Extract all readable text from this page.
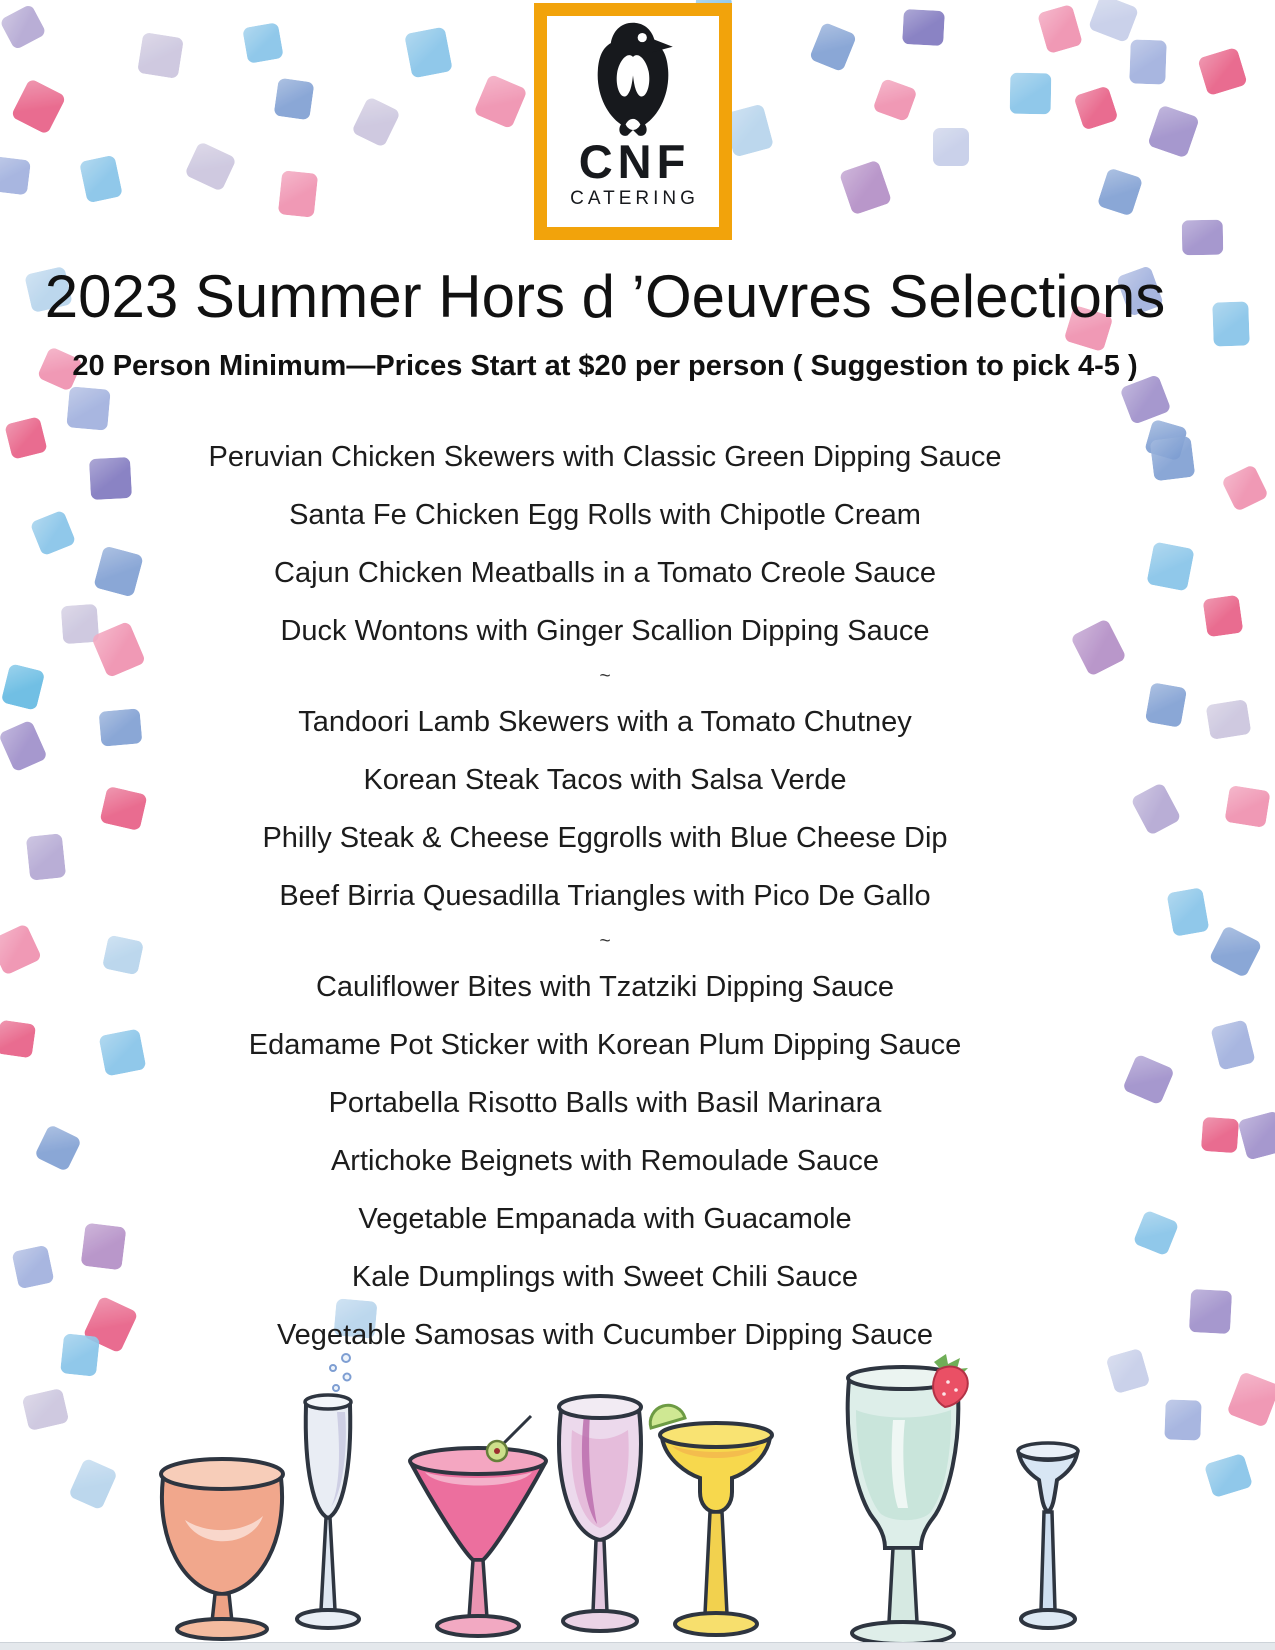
CNF
CATERING
2023 Summer Hors d ’Oeuvres Selections
20 Person Minimum—Prices Start at $20 per person ( Suggestion to pick 4-5 )
Peruvian Chicken Skewers with Classic Green Dipping Sauce
Santa Fe Chicken Egg Rolls with Chipotle Cream
Cajun Chicken Meatballs in a Tomato Creole Sauce
Duck Wontons with Ginger Scallion Dipping Sauce
~
Tandoori Lamb Skewers with a Tomato Chutney
Korean Steak Tacos with Salsa Verde
Philly Steak & Cheese Eggrolls with Blue Cheese Dip
Beef Birria Quesadilla Triangles with Pico De Gallo
~
Cauliflower Bites with Tzatziki Dipping Sauce
Edamame Pot Sticker with Korean Plum Dipping Sauce
Portabella Risotto Balls with Basil Marinara
Artichoke Beignets with Remoulade Sauce
Vegetable Empanada with Guacamole
Kale Dumplings with Sweet Chili Sauce
Vegetable Samosas with Cucumber Dipping Sauce
